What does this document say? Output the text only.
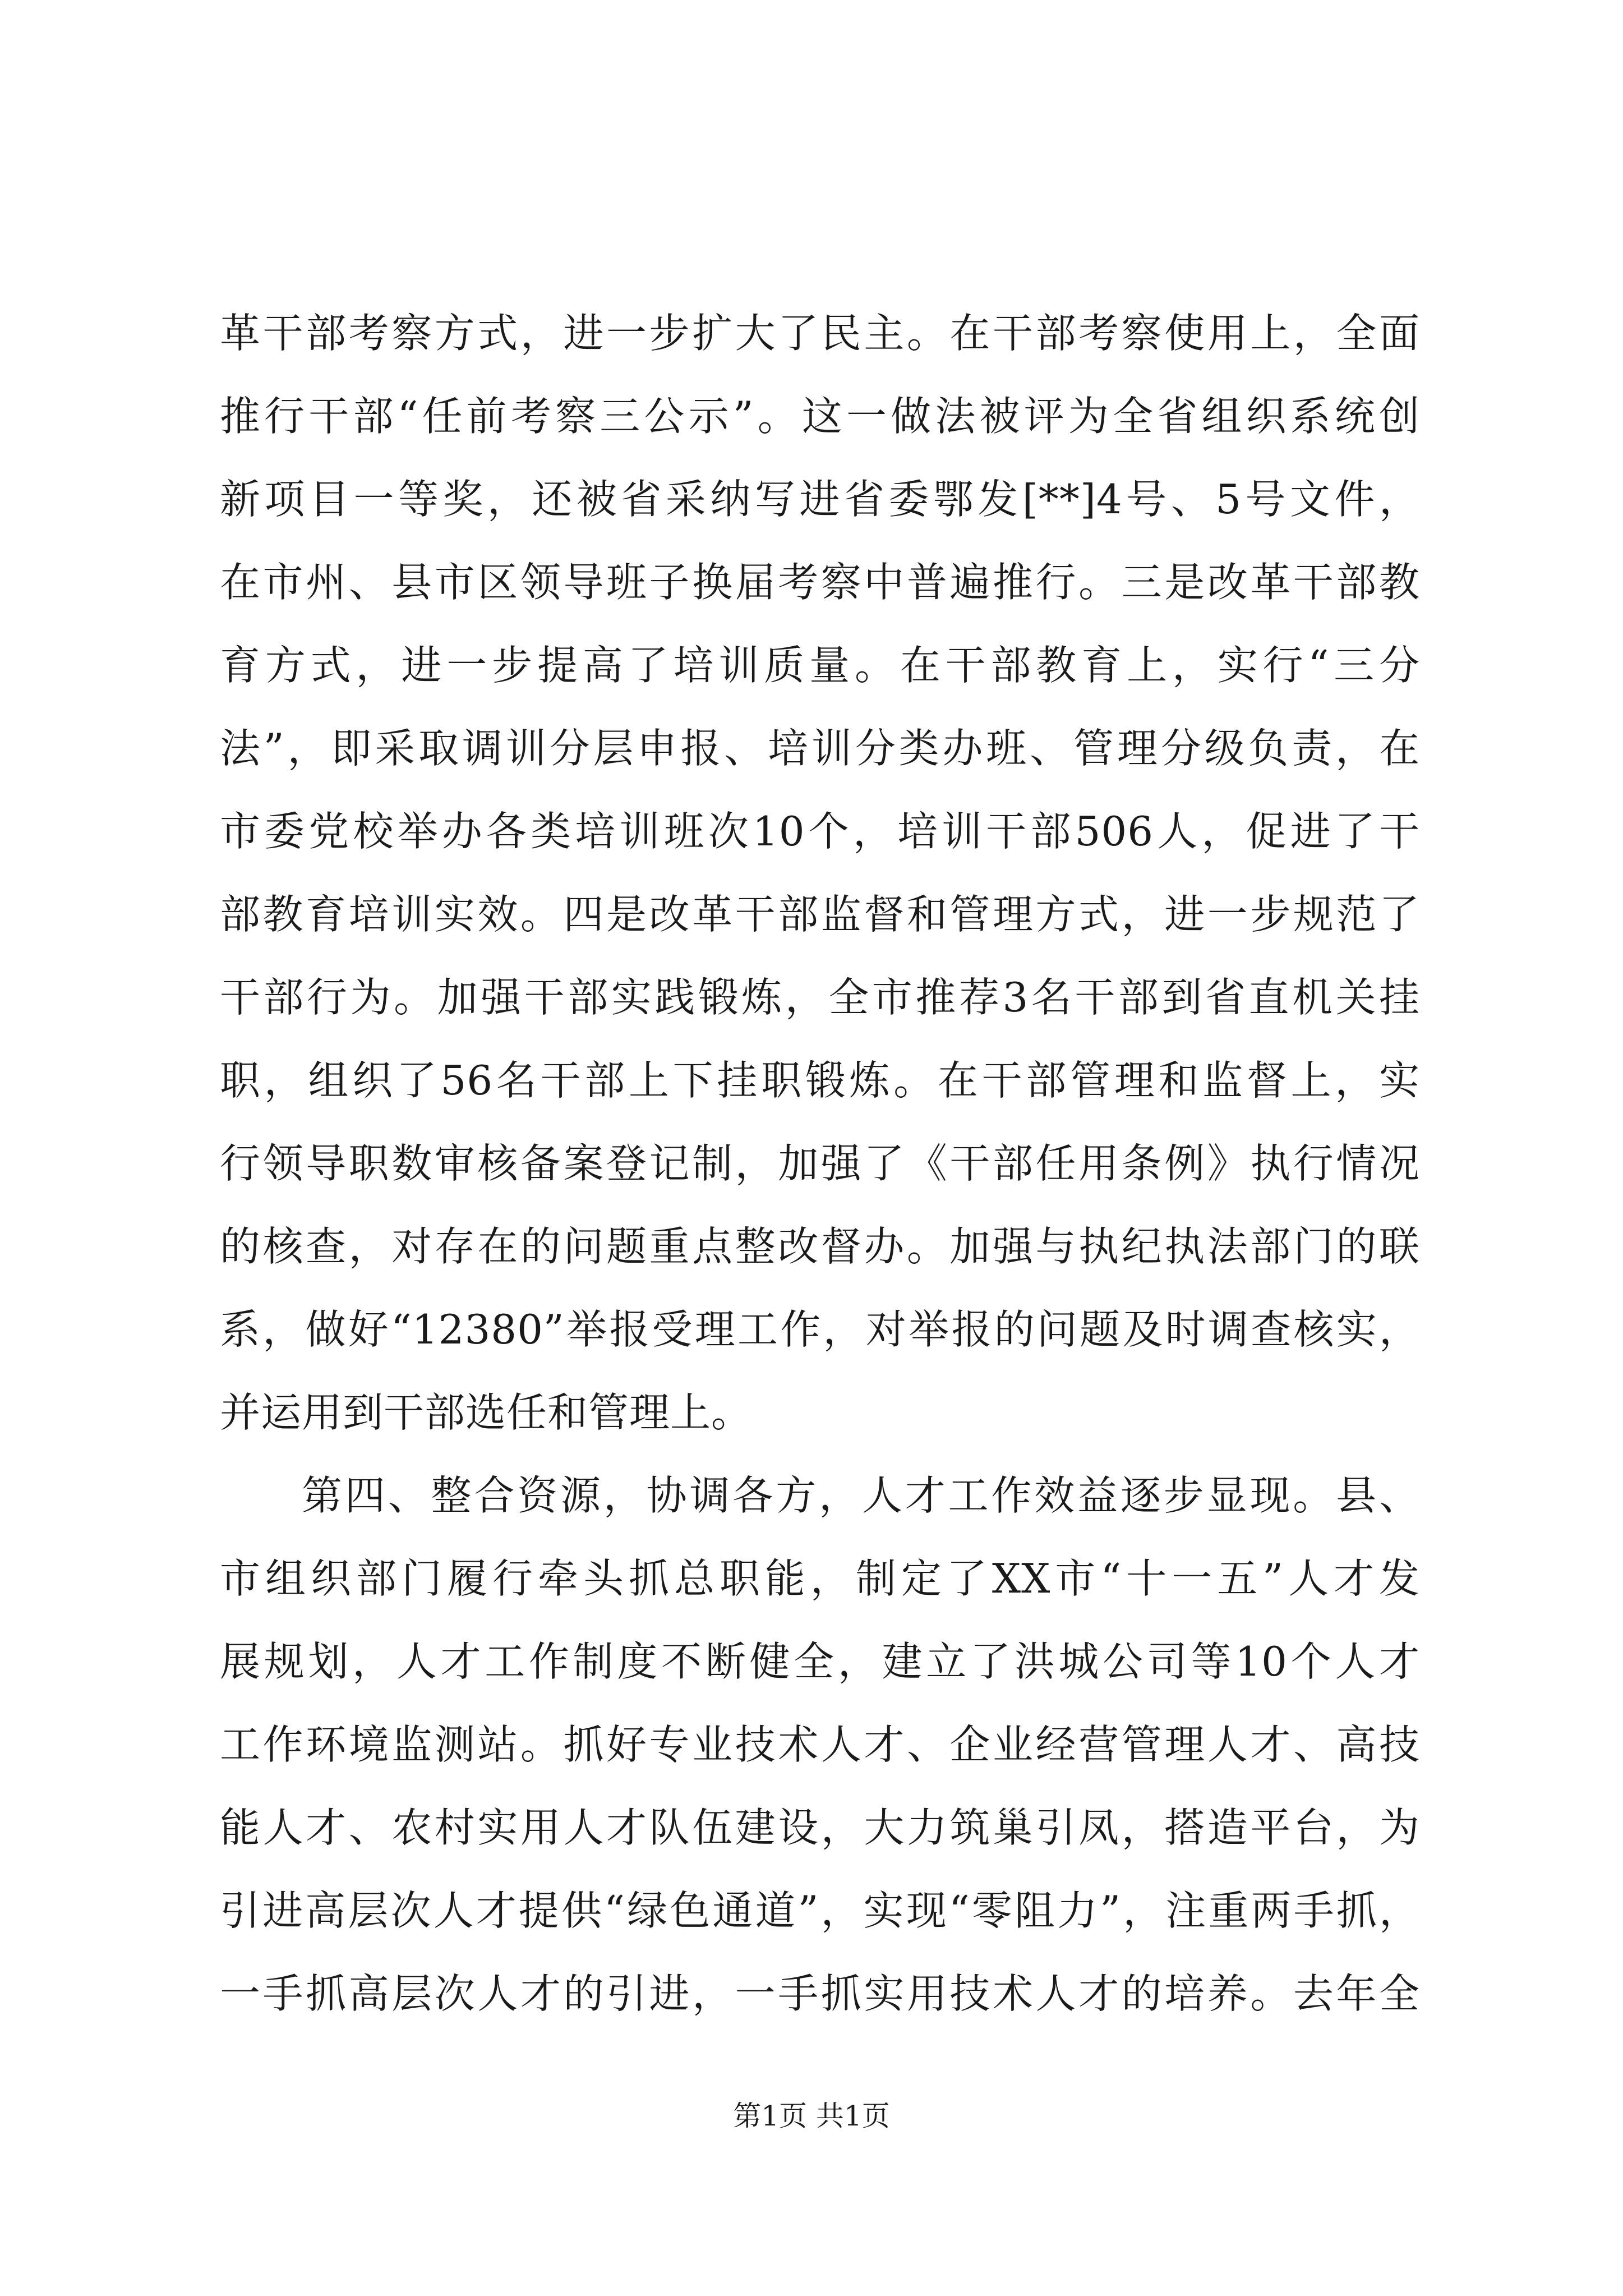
革干部考察方式，进一步扩大了民主。在干部考察使用上，全面
推行干部“任前考察三公示”。这一做法被评为全省组织系统创
新项目一等奖，还被省采纳写进省委鄂发[**]4号、5号文件，
在市州、县市区领导班子换届考察中普遍推行。三是改革干部教
育方式，进一步提高了培训质量。在干部教育上，实行“三分
法”，即采取调训分层申报、培训分类办班、管理分级负责，在
市委党校举办各类培训班次10个，培训干部506人，促进了干
部教育培训实效。四是改革干部监督和管理方式，进一步规范了
干部行为。加强干部实践锻炼，全市推荐3名干部到省直机关挂
职，组织了56名干部上下挂职锻炼。在干部管理和监督上，实
行领导职数审核备案登记制，加强了《干部任用条例》执行情况
的核查，对存在的问题重点整改督办。加强与执纪执法部门的联
系，做好“12380”举报受理工作，对举报的问题及时调查核实，
并运用到干部选任和管理上。
第四、整合资源，协调各方，人才工作效益逐步显现。县、
市组织部门履行牵头抓总职能，制定了XX市“十一五”人才发
展规划，人才工作制度不断健全，建立了洪城公司等10个人才
工作环境监测站。抓好专业技术人才、企业经营管理人才、高技
能人才、农村实用人才队伍建设，大力筑巢引凤，搭造平台，为
引进高层次人才提供“绿色通道”，实现“零阻力”，注重两手抓，
一手抓高层次人才的引进，一手抓实用技术人才的培养。去年全
第1页 共1页
